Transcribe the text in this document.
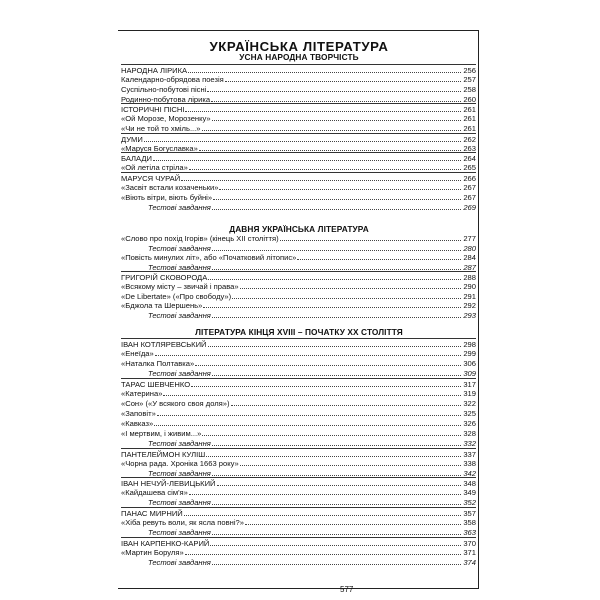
УКРАЇНСЬКА ЛІТЕРАТУРА
УСНА НАРОДНА ТВОРЧІСТЬ
ДАВНЯ УКРАЇНСЬКА ЛІТЕРАТУРА
ЛІТЕРАТУРА КІНЦЯ XVIII – ПОЧАТКУ XX СТОЛІТТЯ
НАРОДНА ЛІРИКА	256
Календарно-обрядова поезія	257
Суспільно-побутові пісні	258
Родинно-побутова лірика	260
ІСТОРИЧНІ ПІСНІ	261
«Ой Морозе, Морозенку»	261
«Чи не той то хміль...»	261
ДУМИ	262
«Маруся Богуславка»	263
БАЛАДИ	264
«Ой летіла стріла»	265
МАРУСЯ ЧУРАЙ	266
«Засвіт встали козаченьки»	267
«Віють вітри, віють буйні»	267
Тестові завдання	269
«Слово про похід Ігорів» (кінець XII століття)	277
Тестові завдання	280
«Повість минулих літ», або «Початковий літопис»	284
Тестові завдання	287
ГРИГОРІЙ СКОВОРОДА	288
«Всякому місту – звичай і права»	290
«De Libertate» («Про свободу»)	291
«Бджола та Шершень»	292
Тестові завдання	293
ІВАН КОТЛЯРЕВСЬКИЙ	298
«Енеїда»	299
«Наталка Полтавка»	306
Тестові завдання	309
ТАРАС ШЕВЧЕНКО	317
«Катерина»	319
«Сон» («У всякого своя доля»)	322
«Заповіт»	325
«Кавказ»	326
«І мертвим, і живим...»	328
Тестові завдання	332
ПАНТЕЛЕЙМОН КУЛІШ	337
«Чорна рада. Хроніка 1663 року»	338
Тестові завдання	342
ІВАН НЕЧУЙ-ЛЕВИЦЬКИЙ	348
«Кайдашева сім'я»	349
Тестові завдання	352
ПАНАС МИРНИЙ	357
«Хіба ревуть воли, як ясла повні?»	358
Тестові завдання	363
ІВАН КАРПЕНКО-КАРИЙ	370
«Мартин Боруля»	371
Тестові завдання	374
577
